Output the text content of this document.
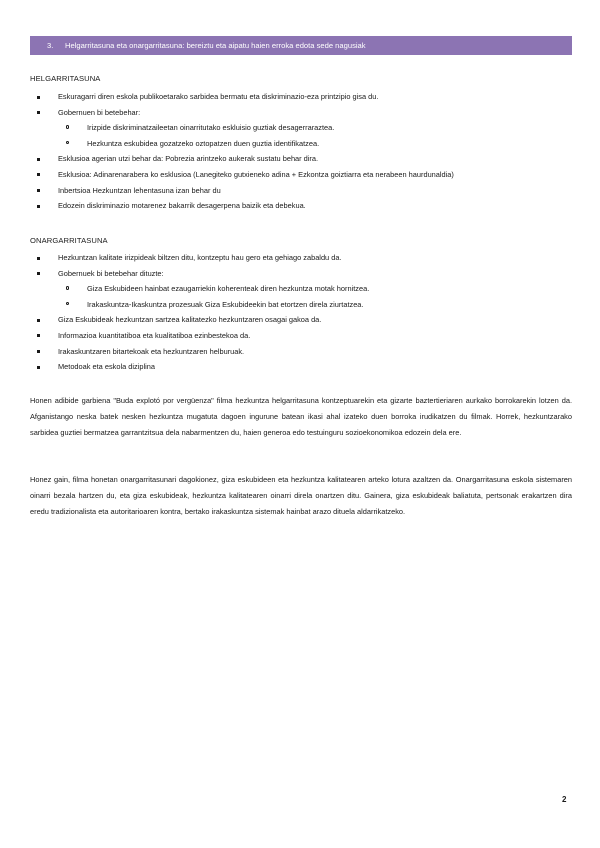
3. Helgarritasuna eta onargarritasuna: bereiztu eta aipatu haien erroka edota sede nagusiak
HELGARRITASUNA
Eskuragarri diren eskola publikoetarako sarbidea bermatu eta diskriminazio-eza printzipio gisa du.
Gobernuen bi betebehar:
Irizpide diskriminatzaileetan oinarritutako eskluisio guztiak desagerraraztea.
Hezkuntza eskubidea gozatzeko oztopatzen duen guztia identifikatzea.
Esklusioa agerian utzi behar da: Pobrezia arintzeko aukerak sustatu behar dira.
Esklusioa: Adinarenarabera ko esklusioa (Lanegiteko gutxieneko adina + Ezkontza goiztiarra eta nerabeen haurdunaldia)
Inbertsioa Hezkuntzan lehentasuna izan behar du
Edozein diskriminazio motarenez bakarrik desagerpena baizik eta debekua.
ONARGARRITASUNA
Hezkuntzan kalitate irizpideak biltzen ditu, kontzeptu hau gero eta gehiago zabaldu da.
Gobernuek bi betebehar dituzte:
Giza Eskubideen hainbat ezaugarriekin koherenteak diren hezkuntza motak hornitzea.
Irakaskuntza-Ikaskuntza prozesuak Giza Eskubideekin bat etortzen direla ziurtatzea.
Giza Eskubideak hezkuntzan sartzea kalitatezko hezkuntzaren osagai gakoa da.
Informazioa kuantitatiboa eta kualitatiboa ezinbestekoa da.
Irakaskuntzaren bitartekoak eta hezkuntzaren helburuak.
Metodoak eta eskola diziplina

Honen adibide garbiena "Buda explotó por vergüenza" filma hezkuntza helgarritasuna kontzeptuarekin eta gizarte baztertieriaren aurkako borrokarekin lotzen da. Afganistango neska batek nesken hezkuntza mugatuta dagoen ingurune batean ikasi ahal izateko duen borroka irudikatzen du filmak. Horrek, hezkuntzarako sarbidea guztiei bermatzea garrantzitsua dela nabarmentzen du, haien generoa edo testuinguru sozioekonomikoa edozein dela ere.

Honez gain, filma honetan onargarritasunari dagokionez, giza eskubideen eta hezkuntza kalitatearen arteko lotura azaltzen da. Onargarritasuna eskola sistemaren oinarri bezala hartzen du, eta giza eskubideak, hezkuntza kalitatearen oinarri direla onartzen ditu. Gainera, giza eskubideak baliatuta, pertsonak erakartzen dira eredu tradizionalista eta autoritarioaren kontra, bertako irakaskuntza sistemak hainbat arazo dituela aldarrikatzeko.

2
